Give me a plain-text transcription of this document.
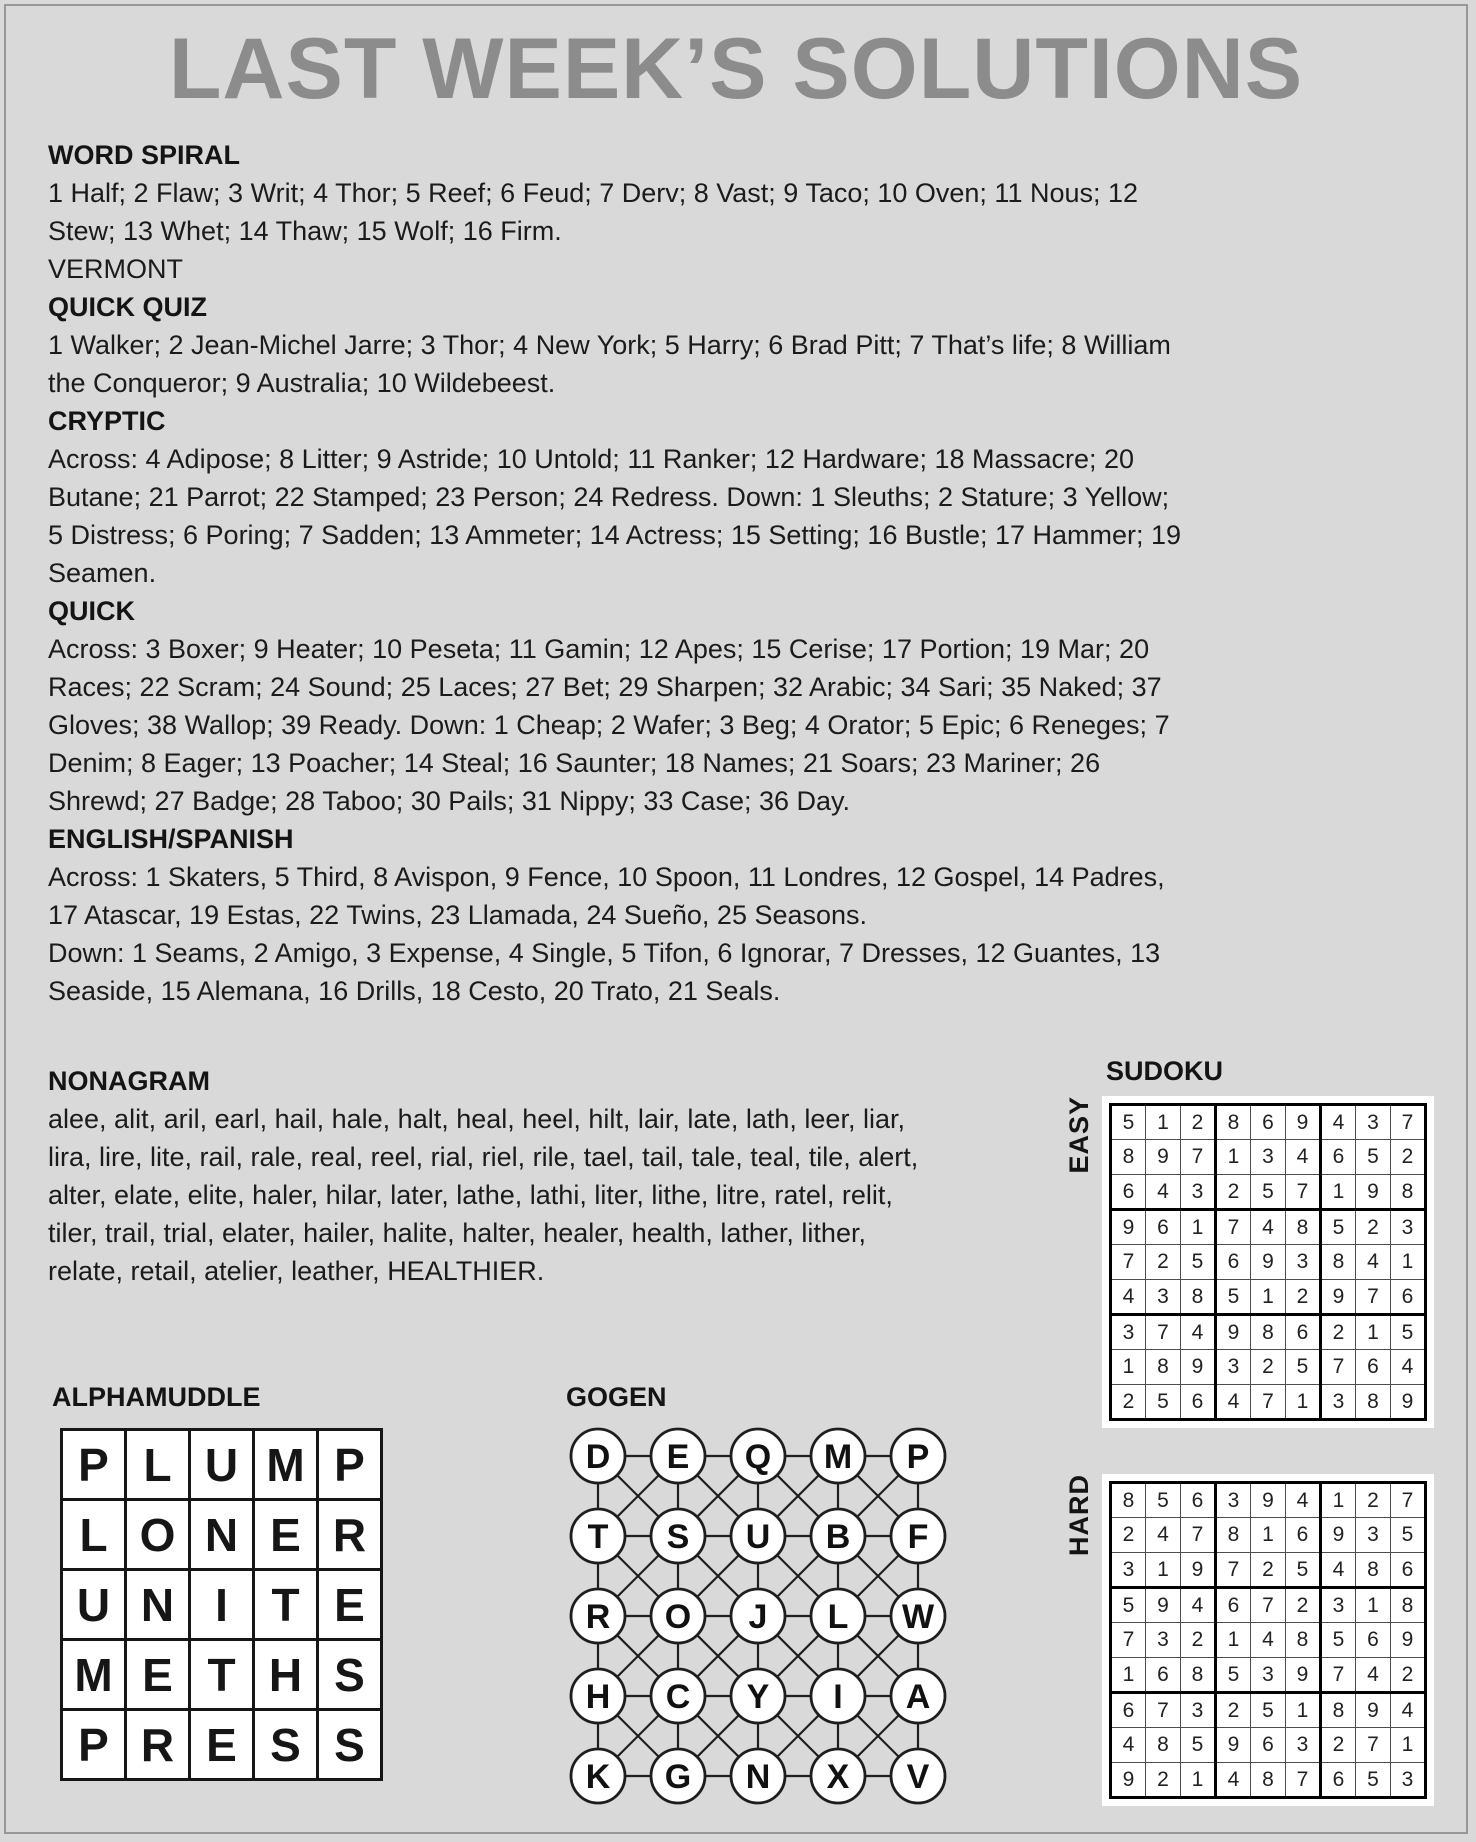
LAST WEEK’S SOLUTIONS
WORD SPIRAL

1 Half; 2 Flaw; 3 Writ; 4 Thor; 5 Reef; 6 Feud; 7 Derv; 8 Vast; 9 Taco; 10 Oven; 11 Nous; 12 Stew; 13 Whet; 14 Thaw; 15 Wolf; 16 Firm.

VERMONT

QUICK QUIZ

1 Walker; 2 Jean-Michel Jarre; 3 Thor; 4 New York; 5 Harry; 6 Brad Pitt; 7 That’s life; 8 William the Conqueror; 9 Australia; 10 Wildebeest.

CRYPTIC

Across: 4 Adipose; 8 Litter; 9 Astride; 10 Untold; 11 Ranker; 12 Hardware; 18 Massacre; 20 Butane; 21 Parrot; 22 Stamped; 23 Person; 24 Redress. Down: 1 Sleuths; 2 Stature; 3 Yellow; 5 Distress; 6 Poring; 7 Sadden; 13 Ammeter; 14 Actress; 15 Setting; 16 Bustle; 17 Hammer; 19 Seamen.

QUICK

Across: 3 Boxer; 9 Heater; 10 Peseta; 11 Gamin; 12 Apes; 15 Cerise; 17 Portion; 19 Mar; 20 Races; 22 Scram; 24 Sound; 25 Laces; 27 Bet; 29 Sharpen; 32 Arabic; 34 Sari; 35 Naked; 37 Gloves; 38 Wallop; 39 Ready. Down: 1 Cheap; 2 Wafer; 3 Beg; 4 Orator; 5 Epic; 6 Reneges; 7 Denim; 8 Eager; 13 Poacher; 14 Steal; 16 Saunter; 18 Names; 21 Soars; 23 Mariner; 26 Shrewd; 27 Badge; 28 Taboo; 30 Pails; 31 Nippy; 33 Case; 36 Day.

ENGLISH/SPANISH

Across: 1 Skaters, 5 Third, 8 Avispon, 9 Fence, 10 Spoon, 11 Londres, 12 Gospel, 14 Padres, 17 Atascar, 19 Estas, 22 Twins, 23 Llamada, 24 Sueño, 25 Seasons.

Down: 1 Seams, 2 Amigo, 3 Expense, 4 Single, 5 Tifon, 6 Ignorar, 7 Dresses, 12 Guantes, 13 Seaside, 15 Alemana, 16 Drills, 18 Cesto, 20 Trato, 21 Seals.

NONAGRAM

alee, alit, aril, earl, hail, hale, halt, heal, heel, hilt, lair, late, lath, leer, liar, lira, lire, lite, rail, rale, real, reel, rial, riel, rile, tael, tail, tale, teal, tile, alert, alter, elate, elite, haler, hilar, later, lathe, lathi, liter, lithe, litre, ratel, relit, tiler, trail, trial, elater, hailer, halite, halter, healer, health, lather, lither, relate, retail, atelier, leather, HEALTHIER.

SUDOKU
EASY 5	1	2	8	6	9	4	3	7
8	9	7	1	3	4	6	5	2
6	4	3	2	5	7	1	9	8
9	6	1	7	4	8	5	2	3
7	2	5	6	9	3	8	4	1
4	3	8	5	1	2	9	7	6
3	7	4	9	8	6	2	1	5
1	8	9	3	2	5	7	6	4
2	5	6	4	7	1	3	8	9
HARD 8	5	6	3	9	4	1	2	7
2	4	7	8	1	6	9	3	5
3	1	9	7	2	5	4	8	6
5	9	4	6	7	2	3	1	8
7	3	2	1	4	8	5	6	9
1	6	8	5	3	9	7	4	2
6	7	3	2	5	1	8	9	4
4	8	5	9	6	3	2	7	1
9	2	1	4	8	7	6	5	3
ALPHAMUDDLE
P	L	U	M	P
L	O	N	E	R
U	N	I	T	E
M	E	T	H	S
P	R	E	S	S
GOGEN
D E Q M P
T S U B F
R O J L W
H C Y I A
K G N X V
